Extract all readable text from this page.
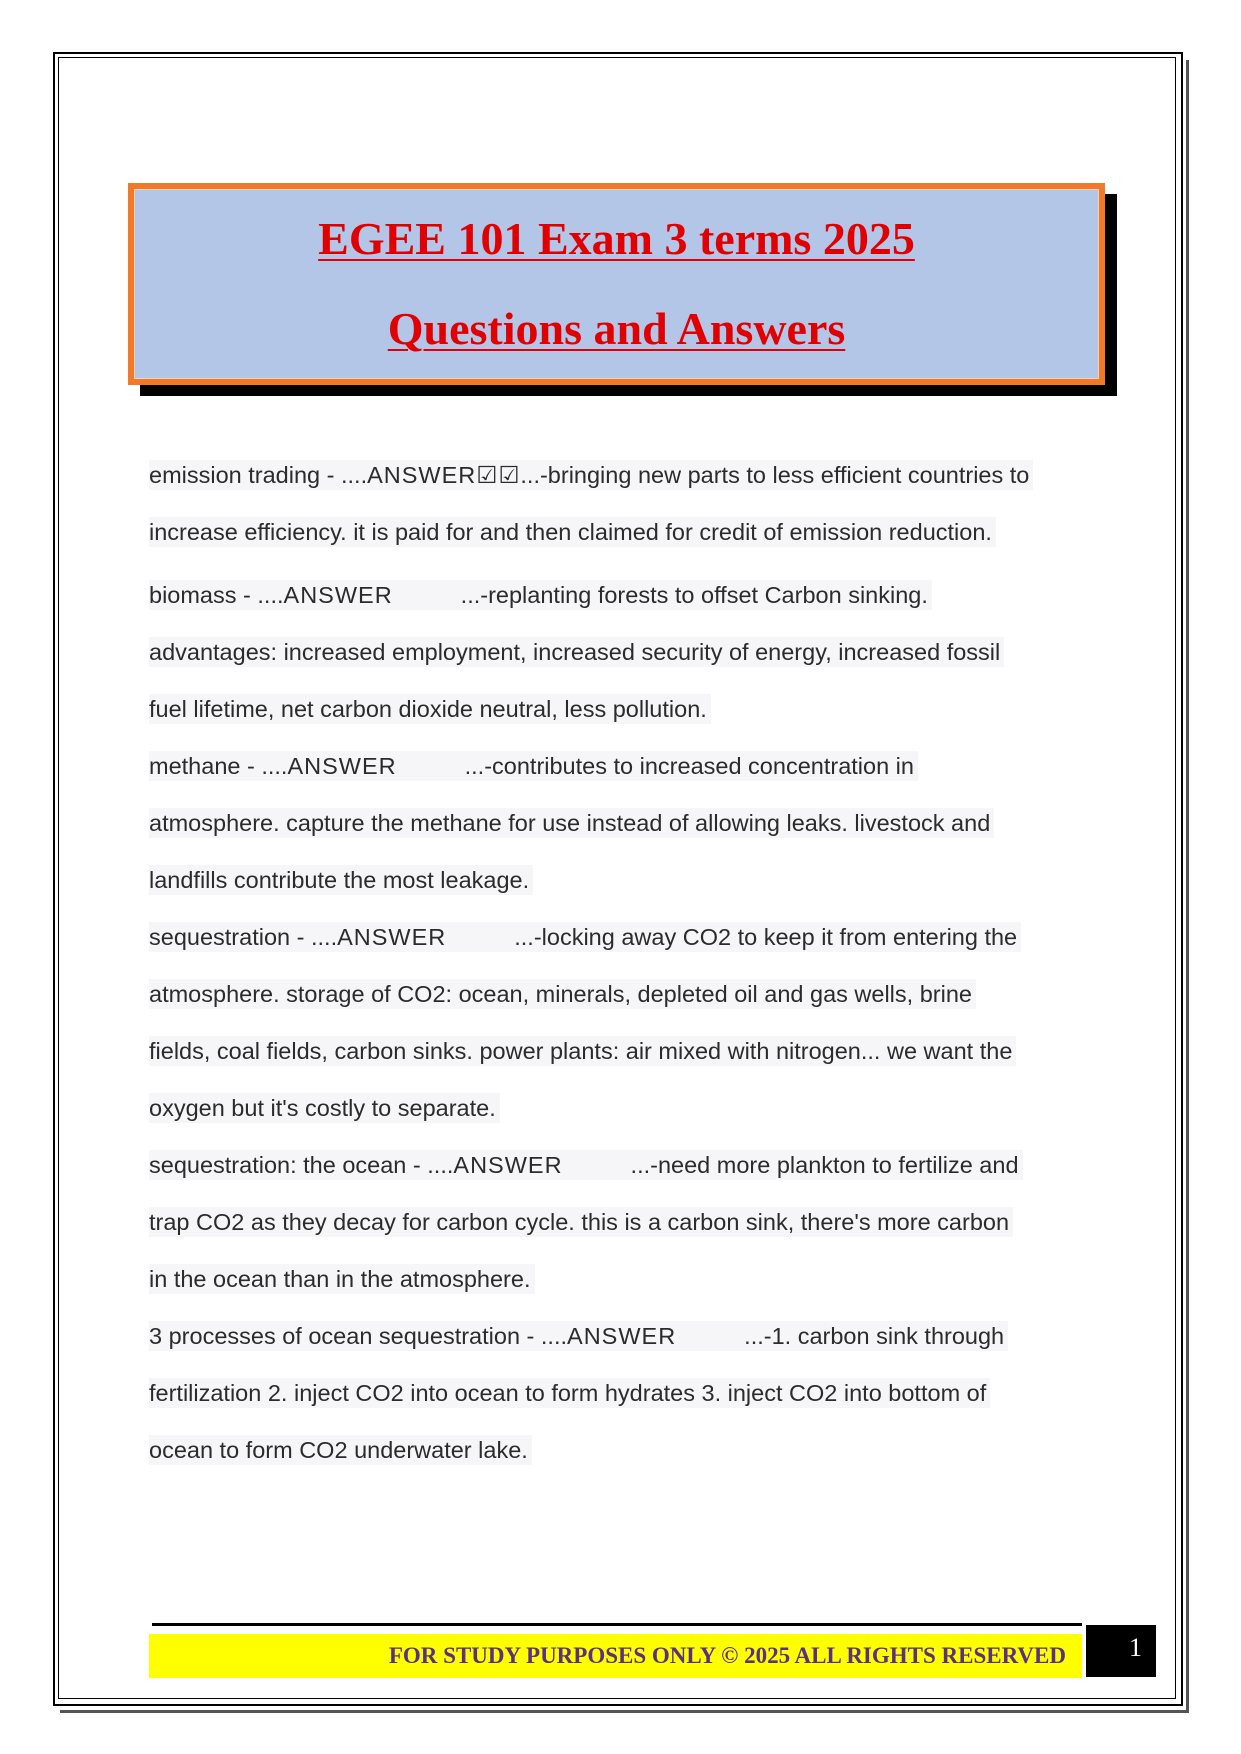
EGEE 101 Exam 3 terms 2025

Questions and Answers

emission trading - ....ANSWER☑☑...-bringing new parts to less efficient countries to
increase efficiency. it is paid for and then claimed for credit of emission reduction.
biomass - ....ANSWER	...-replanting forests to offset Carbon sinking.
advantages: increased employment, increased security of energy, increased fossil
fuel lifetime, net carbon dioxide neutral, less pollution.
methane - ....ANSWER	...-contributes to increased concentration in
atmosphere. capture the methane for use instead of allowing leaks. livestock and
landfills contribute the most leakage.
sequestration - ....ANSWER	...-locking away CO2 to keep it from entering the
atmosphere. storage of CO2: ocean, minerals, depleted oil and gas wells, brine
fields, coal fields, carbon sinks. power plants: air mixed with nitrogen... we want the
oxygen but it's costly to separate.
sequestration: the ocean - ....ANSWER	...-need more plankton to fertilize and
trap CO2 as they decay for carbon cycle. this is a carbon sink, there's more carbon
in the ocean than in the atmosphere.
3 processes of ocean sequestration - ....ANSWER	...-1. carbon sink through
fertilization 2. inject CO2 into ocean to form hydrates 3. inject CO2 into bottom of
ocean to form CO2 underwater lake.
FOR STUDY PURPOSES ONLY © 2025 ALL RIGHTS RESERVED	1
